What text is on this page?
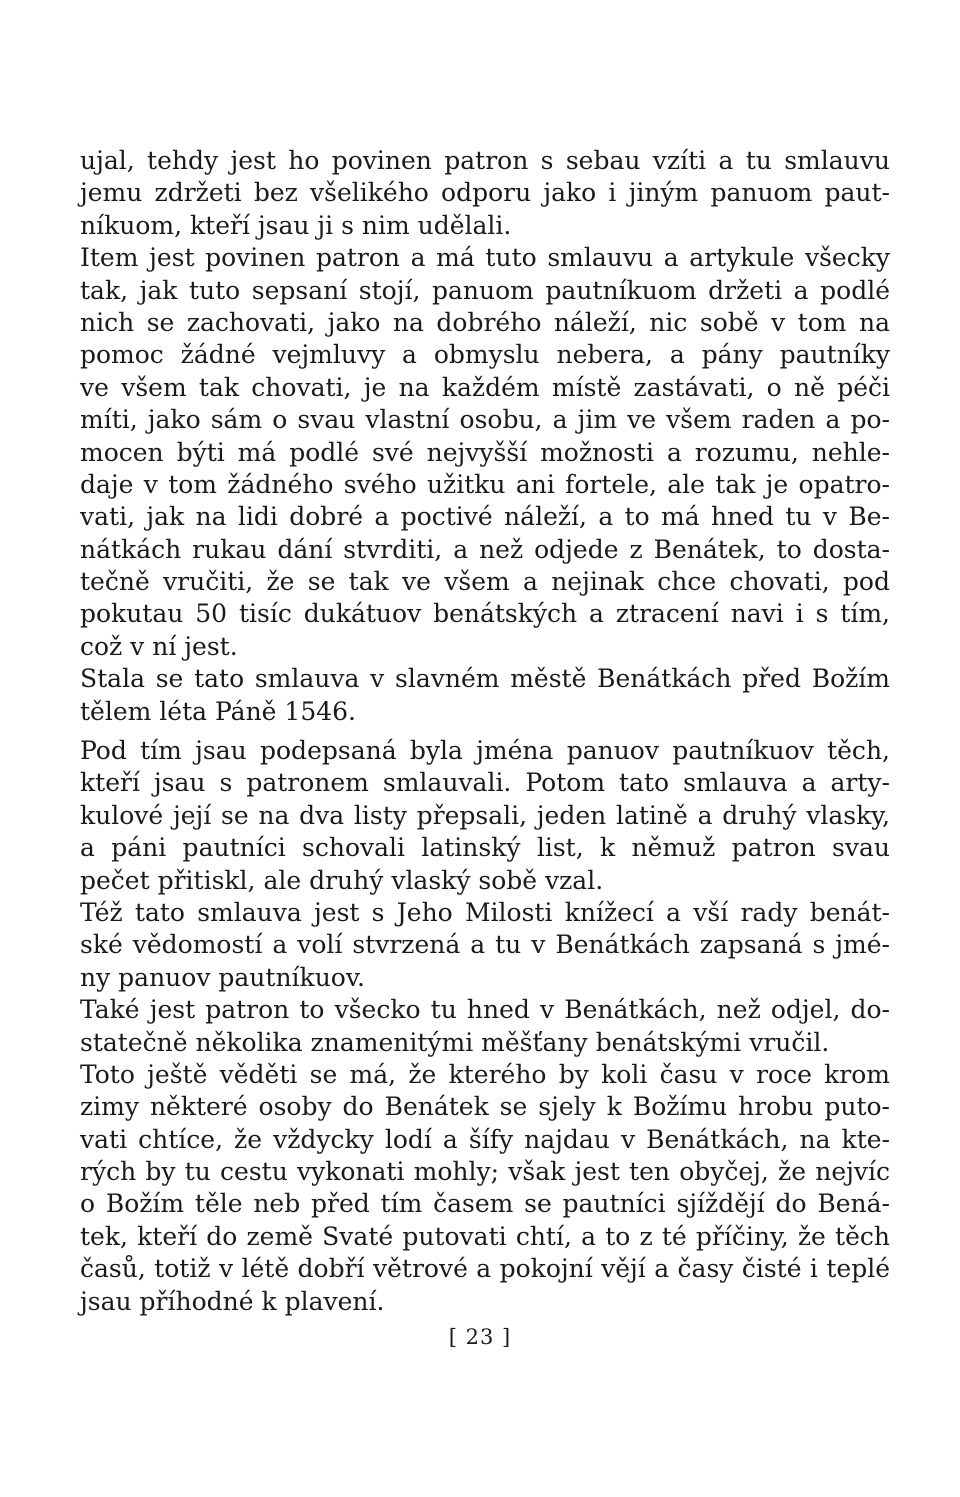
ujal, tehdy jest ho povinen patron s sebau vzíti a tu smlauvu
jemu zdržeti bez všelikého odporu jako i jiným panuom paut-
níkuom, kteří jsau ji s nim udělali.
Item jest povinen patron a má tuto smlauvu a artykule všecky
tak, jak tuto sepsaní stojí, panuom pautníkuom držeti a podlé
nich se zachovati, jako na dobrého náleží, nic sobě v tom na
pomoc žádné vejmluvy a obmyslu nebera, a pány pautníky
ve všem tak chovati, je na každém místě zastávati, o ně péči
míti, jako sám o svau vlastní osobu, a jim ve všem raden a po-
mocen býti má podlé své nejvyšší možnosti a rozumu, nehle-
daje v tom žádného svého užitku ani fortele, ale tak je opatro-
vati, jak na lidi dobré a poctivé náleží, a to má hned tu v Be-
nátkách rukau dání stvrditi, a než odjede z Benátek, to dosta-
tečně vručiti, že se tak ve všem a nejinak chce chovati, pod
pokutau 50 tisíc dukátuov benátských a ztracení navi i s tím,
což v ní jest.
Stala se tato smlauva v slavném městě Benátkách před Božím
tělem léta Páně 1546.
Pod tím jsau podepsaná byla jména panuov pautníkuov těch,
kteří jsau s patronem smlauvali. Potom tato smlauva a arty-
kulové její se na dva listy přepsali, jeden latině a druhý vlasky,
a páni pautníci schovali latinský list, k němuž patron svau
pečet přitiskl, ale druhý vlaský sobě vzal.
Též tato smlauva jest s Jeho Milosti knížecí a vší rady benát-
ské vědomostí a volí stvrzená a tu v Benátkách zapsaná s jmé-
ny panuov pautníkuov.
Také jest patron to všecko tu hned v Benátkách, než odjel, do-
statečně několika znamenitými měšťany benátskými vručil.
Toto ještě věděti se má, že kterého by koli času v roce krom
zimy některé osoby do Benátek se sjely k Božímu hrobu puto-
vati chtíce, že vždycky lodí a šífy najdau v Benátkách, na kte-
rých by tu cestu vykonati mohly; však jest ten obyčej, že nejvíc
o Božím těle neb před tím časem se pautníci sjíždějí do Bená-
tek, kteří do země Svaté putovati chtí, a to z té příčiny, že těch
časů, totiž v létě dobří větrové a pokojní vějí a časy čisté i teplé
jsau příhodné k plavení.
[ 23 ]
